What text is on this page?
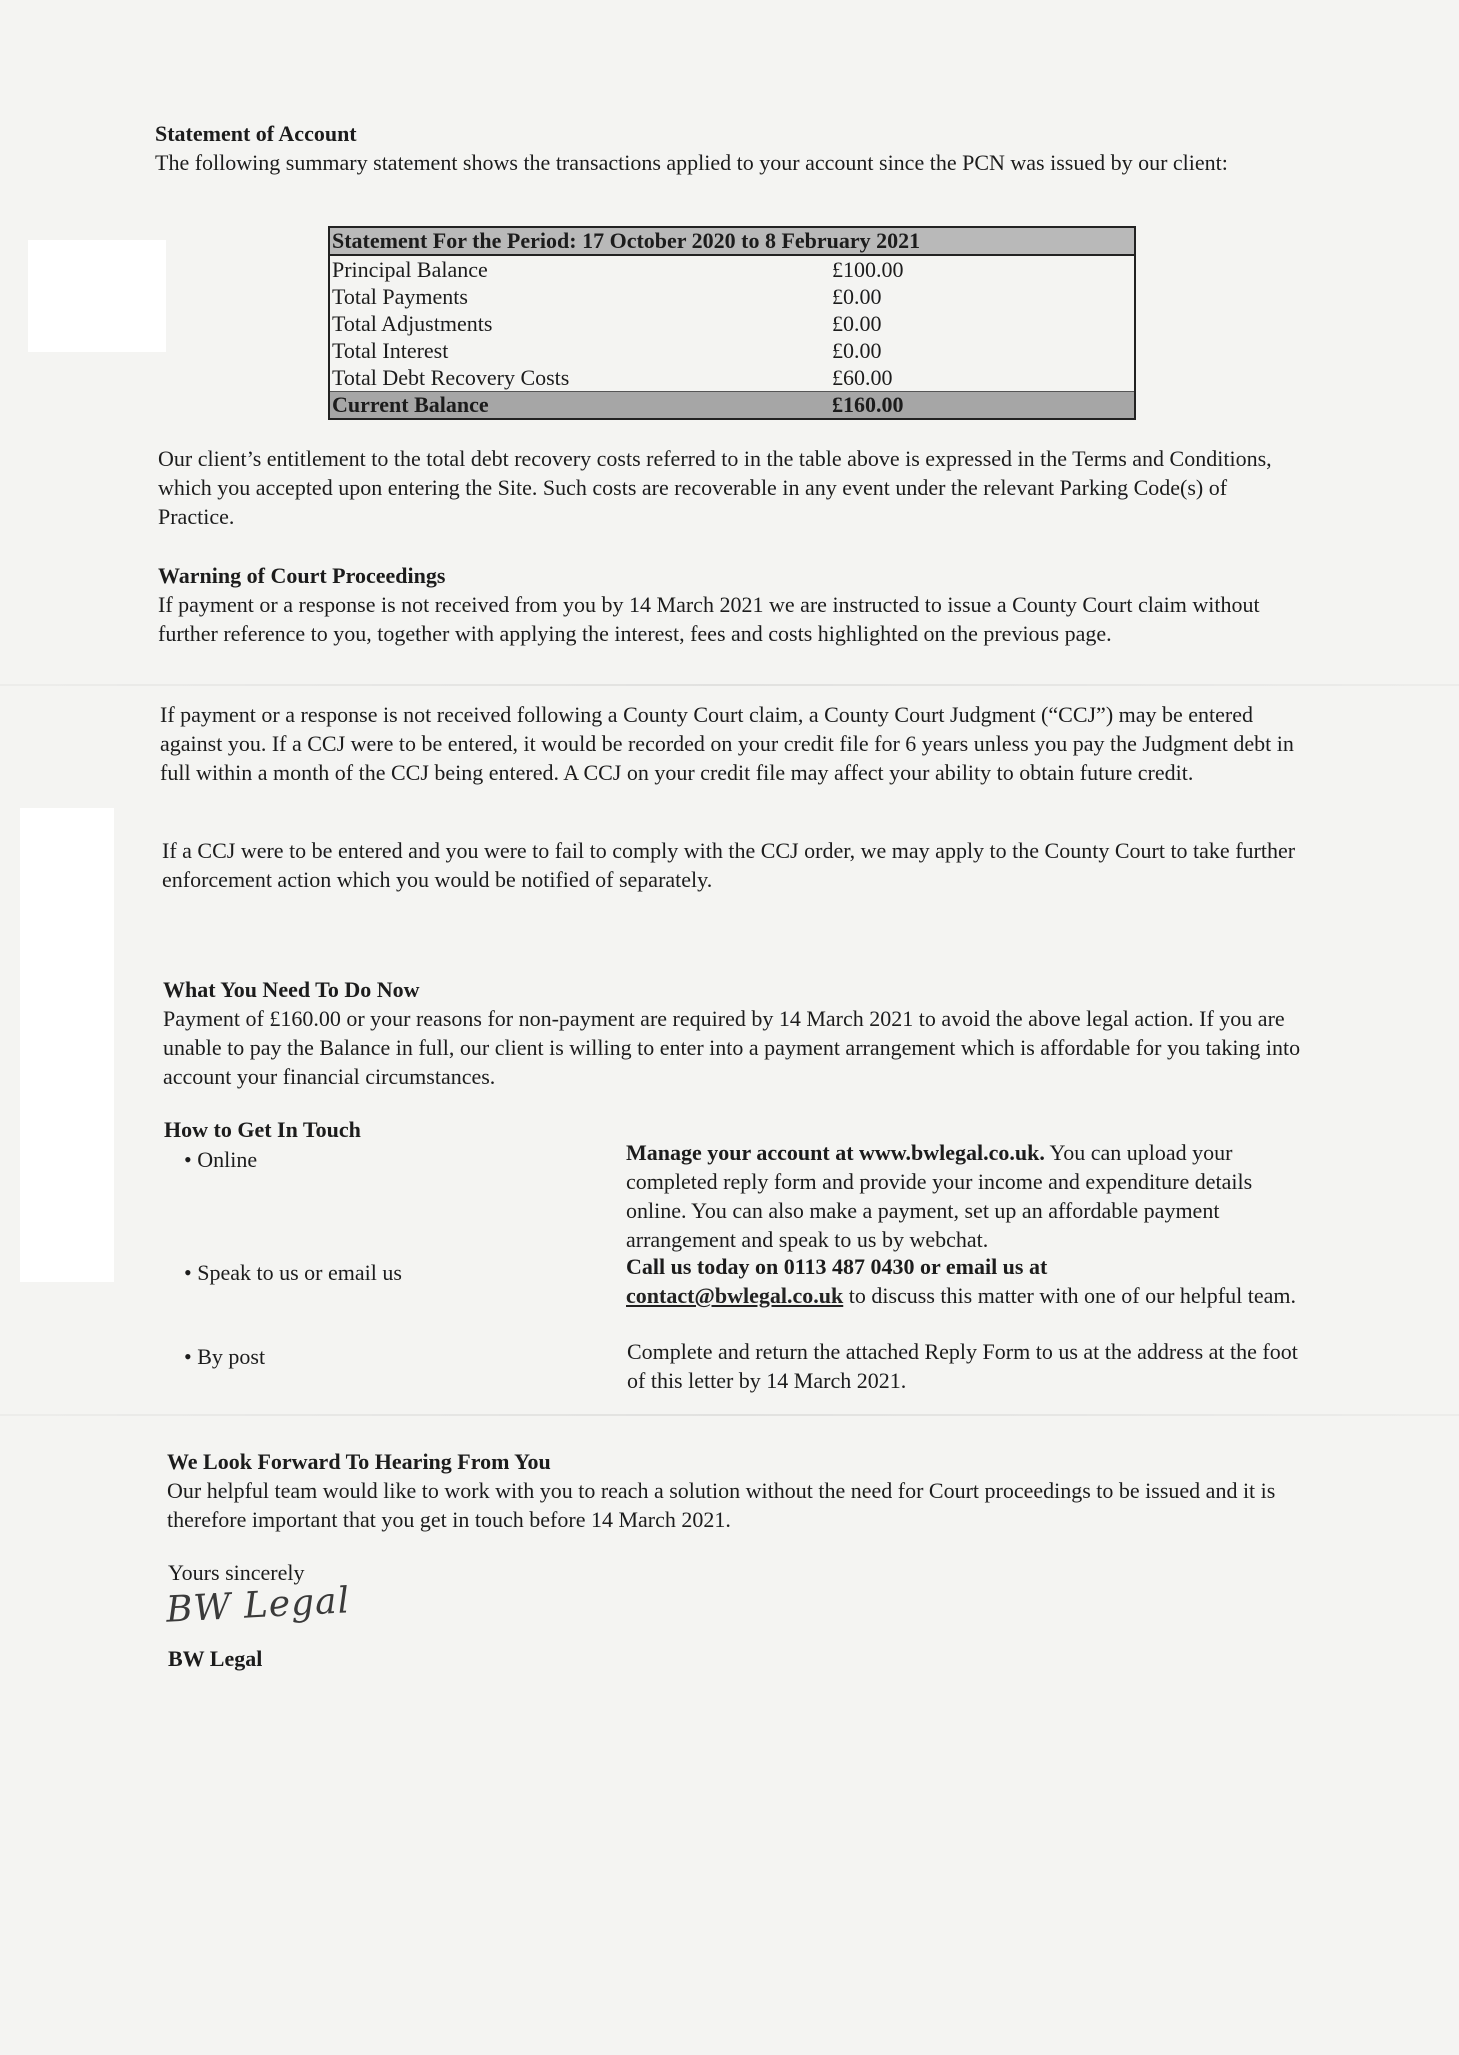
Statement of Account

The following summary statement shows the transactions applied to your account since the PCN was issued by our client:

Statement For the Period: 17 October 2020 to 8 February 2021	
Principal Balance	£100.00
Total Payments	£0.00
Total Adjustments	£0.00
Total Interest	£0.00
Total Debt Recovery Costs	£60.00
Current Balance	£160.00

Our client’s entitlement to the total debt recovery costs referred to in the table above is expressed in the Terms and Conditions, which you accepted upon entering the Site. Such costs are recoverable in any event under the relevant Parking Code(s) of Practice.

Warning of Court Proceedings

If payment or a response is not received from you by 14 March 2021 we are instructed to issue a County Court claim without further reference to you, together with applying the interest, fees and costs highlighted on the previous page.

If payment or a response is not received following a County Court claim, a County Court Judgment (“CCJ”) may be entered against you. If a CCJ were to be entered, it would be recorded on your credit file for 6 years unless you pay the Judgment debt in full within a month of the CCJ being entered. A CCJ on your credit file may affect your ability to obtain future credit.

If a CCJ were to be entered and you were to fail to comply with the CCJ order, we may apply to the County Court to take further enforcement action which you would be notified of separately.

What You Need To Do Now

Payment of £160.00 or your reasons for non-payment are required by 14 March 2021 to avoid the above legal action. If you are unable to pay the Balance in full, our client is willing to enter into a payment arrangement which is affordable for you taking into account your financial circumstances.

How to Get In Touch
• Online	Manage your account at www.bwlegal.co.uk. You can upload your completed reply form and provide your income and expenditure details online. You can also make a payment, set up an affordable payment arrangement and speak to us by webchat.
• Speak to us or email us	Call us today on 0113 487 0430 or email us at
contact@bwlegal.co.uk to discuss this matter with one of our helpful team.
• By post	Complete and return the attached Reply Form to us at the address at the foot of this letter by 14 March 2021.
We Look Forward To Hearing From You

Our helpful team would like to work with you to reach a solution without the need for Court proceedings to be issued and it is therefore important that you get in touch before 14 March 2021.

Yours sincerely
BW Legal
BW Legal
